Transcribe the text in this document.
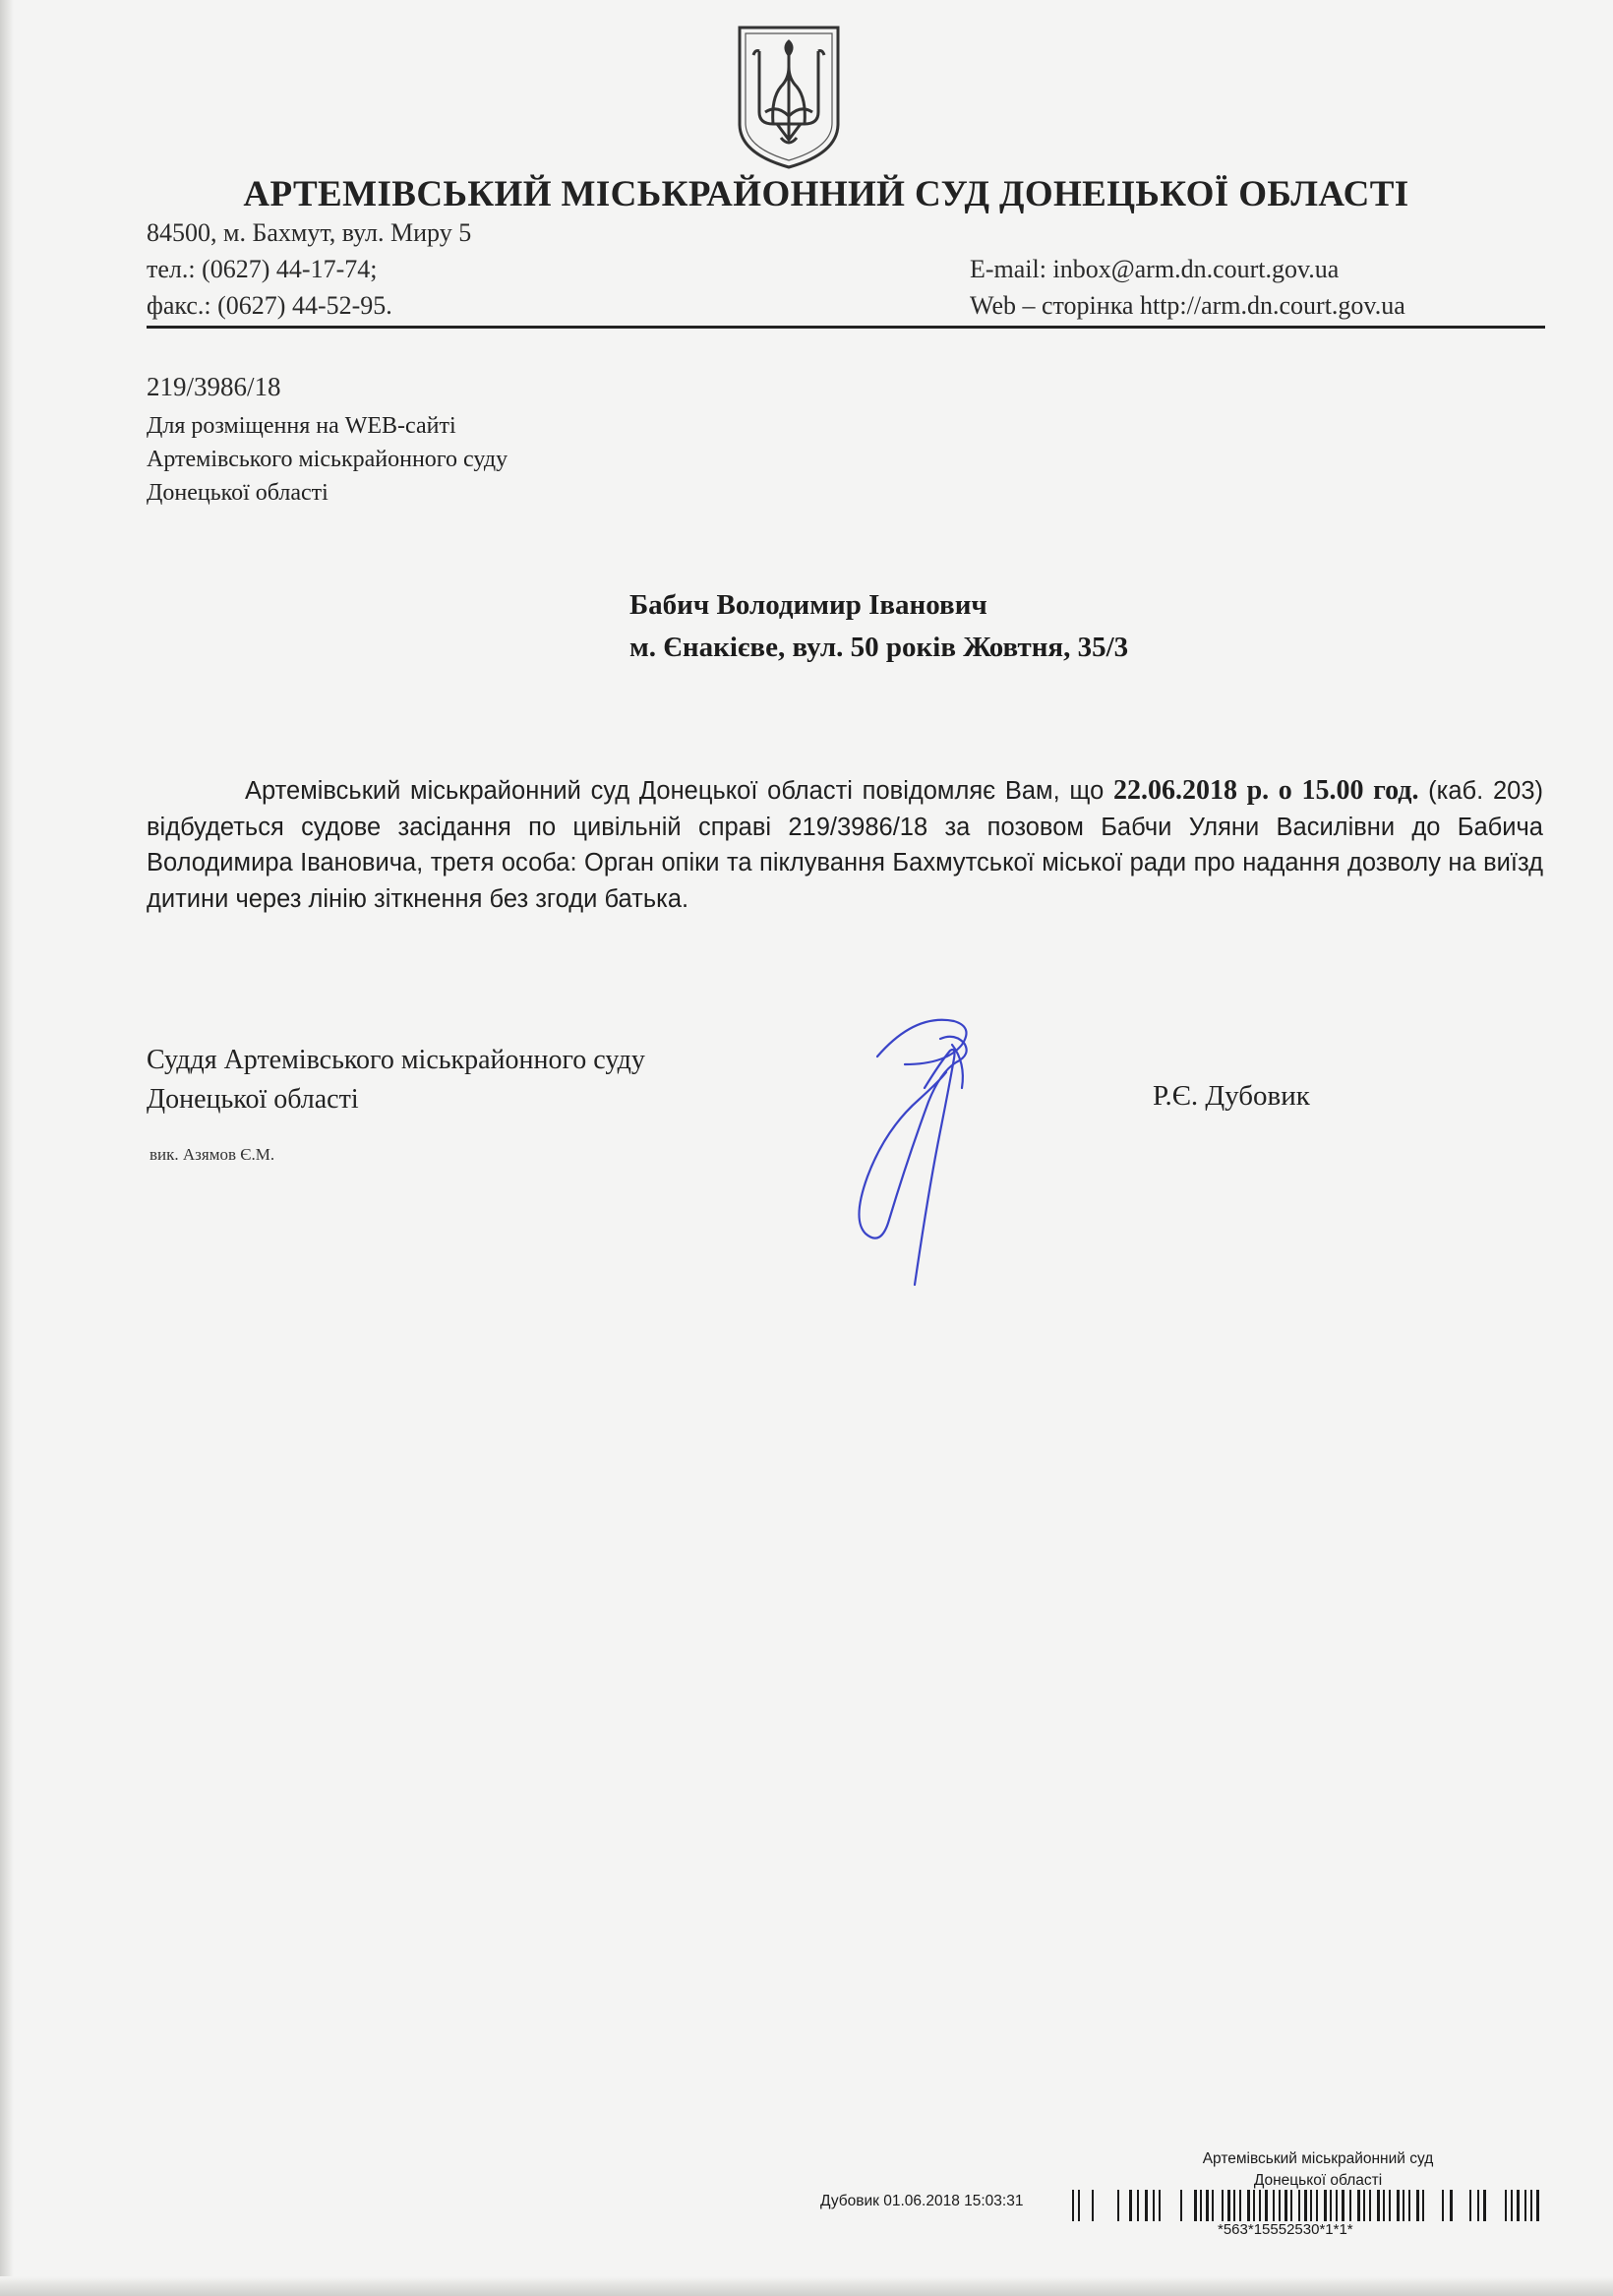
АРТЕМІВСЬКИЙ МІСЬКРАЙОННИЙ СУД ДОНЕЦЬКОЇ ОБЛАСТІ
84500, м. Бахмут, вул. Миру 5
тел.: (0627) 44-17-74;
факс.: (0627) 44-52-95.
E-mail: inbox@arm.dn.court.gov.ua
Web – сторінка http://arm.dn.court.gov.ua
219/3986/18
Для розміщення на WEB-сайті Артемівського міськрайонного суду Донецької області
Бабич Володимир Іванович
м. Єнакієве, вул. 50 років Жовтня, 35/3
Артемівський міськрайонний суд Донецької області повідомляє Вам, що 22.06.2018 р. о 15.00 год. (каб. 203) відбудеться судове засідання по цивільній справі 219/3986/18 за позовом Бабчи Уляни Василівни до Бабича Володимира Івановича, третя особа: Орган опіки та піклування Бахмутської міської ради про надання дозволу на виїзд дитини через лінію зіткнення без згоди батька.
Суддя Артемівського міськрайонного суду
Донецької області	Р.Є. Дубовик
вик. Азямов Є.М.
Артемівський міськрайонний суд
Донецької області
Дубовик 01.06.2018 15:03:31
*563*15552530*1*1*
